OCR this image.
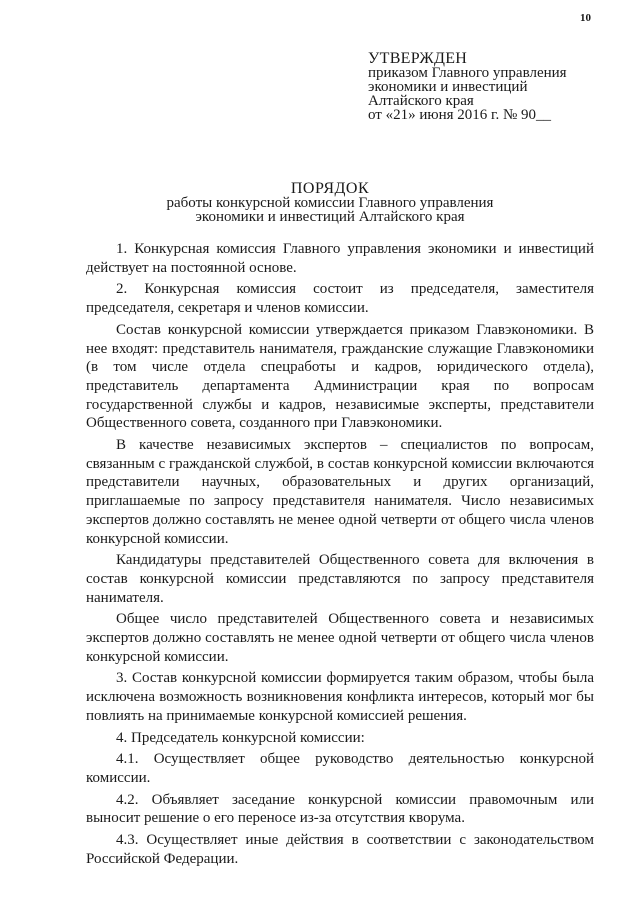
10
УТВЕРЖДЕН
приказом Главного управления
экономики и инвестиций
Алтайского края
от «21» июня 2016 г. № 90__
ПОРЯДОК
работы конкурсной комиссии Главного управления
экономики и инвестиций Алтайского края

1. Конкурсная комиссия Главного управления экономики и инвестиций действует на постоянной основе.

2. Конкурсная комиссия состоит из председателя, заместителя председателя, секретаря и членов комиссии.

Состав конкурсной комиссии утверждается приказом Главэкономики. В нее входят: представитель нанимателя, гражданские служащие Главэкономики (в том числе отдела спецработы и кадров, юридического отдела), представитель департамента Администрации края по вопросам государственной службы и кадров, независимые эксперты, представители Общественного совета, созданного при Главэкономики.

В качестве независимых экспертов – специалистов по вопросам, связанным с гражданской службой, в состав конкурсной комиссии включаются представители научных, образовательных и других организаций, приглашаемые по запросу представителя нанимателя. Число независимых экспертов должно составлять не менее одной четверти от общего числа членов конкурсной комиссии.

Кандидатуры представителей Общественного совета для включения в состав конкурсной комиссии представляются по запросу представителя нанимателя.

Общее число представителей Общественного совета и независимых экспертов должно составлять не менее одной четверти от общего числа членов конкурсной комиссии.

3. Состав конкурсной комиссии формируется таким образом, чтобы была исключена возможность возникновения конфликта интересов, который мог бы повлиять на принимаемые конкурсной комиссией решения.

4. Председатель конкурсной комиссии:

4.1. Осуществляет общее руководство деятельностью конкурсной комиссии.

4.2. Объявляет заседание конкурсной комиссии правомочным или выносит решение о его переносе из-за отсутствия кворума.

4.3. Осуществляет иные действия в соответствии с законодательством Российской Федерации.
